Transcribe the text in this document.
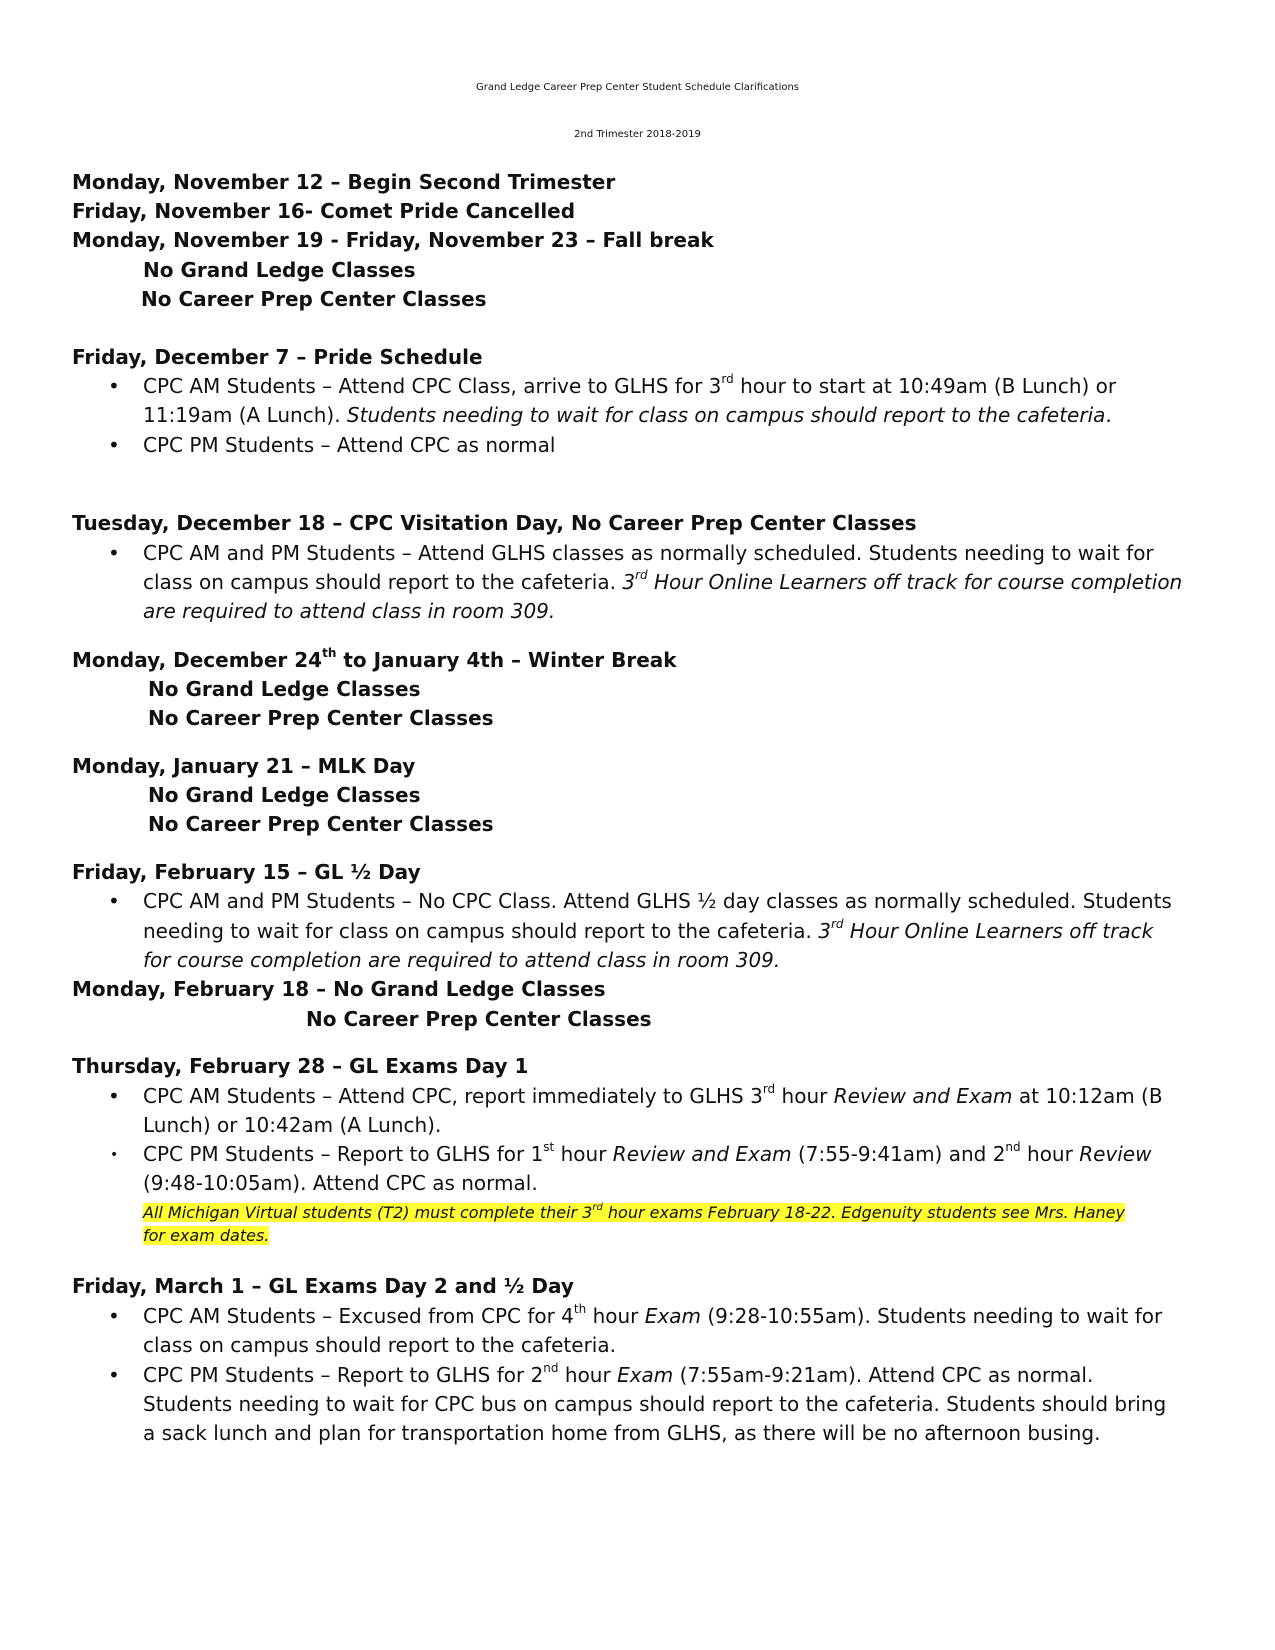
Grand Ledge Career Prep Center Student Schedule Clarifications
2nd Trimester 2018-2019
Monday, November 12 – Begin Second Trimester
Friday, November 16- Comet Pride Cancelled
Monday, November 19 - Friday, November 23 – Fall break
No Grand Ledge Classes
No Career Prep Center Classes
Friday, December 7 – Pride Schedule
• CPC AM Students – Attend CPC Class, arrive to GLHS for 3rd hour to start at 10:49am (B Lunch) or
11:19am (A Lunch). Students needing to wait for class on campus should report to the cafeteria.
• CPC PM Students – Attend CPC as normal
Tuesday, December 18 – CPC Visitation Day, No Career Prep Center Classes
• CPC AM and PM Students – Attend GLHS classes as normally scheduled. Students needing to wait for
class on campus should report to the cafeteria. 3rd Hour Online Learners off track for course completion
are required to attend class in room 309.
Monday, December 24th to January 4th – Winter Break
No Grand Ledge Classes
No Career Prep Center Classes
Monday, January 21 – MLK Day
No Grand Ledge Classes
No Career Prep Center Classes
Friday, February 15 – GL ½ Day
• CPC AM and PM Students – No CPC Class. Attend GLHS ½ day classes as normally scheduled. Students
needing to wait for class on campus should report to the cafeteria. 3rd Hour Online Learners off track
for course completion are required to attend class in room 309.
Monday, February 18 – No Grand Ledge Classes
No Career Prep Center Classes
Thursday, February 28 – GL Exams Day 1
• CPC AM Students – Attend CPC, report immediately to GLHS 3rd hour Review and Exam at 10:12am (B
Lunch) or 10:42am (A Lunch).
• CPC PM Students – Report to GLHS for 1st hour Review and Exam (7:55-9:41am) and 2nd hour Review
(9:48-10:05am). Attend CPC as normal.
All Michigan Virtual students (T2) must complete their 3rd hour exams February 18-22. Edgenuity students see Mrs. Haney
for exam dates.
Friday, March 1 – GL Exams Day 2 and ½ Day
• CPC AM Students – Excused from CPC for 4th hour Exam (9:28-10:55am). Students needing to wait for
class on campus should report to the cafeteria.
• CPC PM Students – Report to GLHS for 2nd hour Exam (7:55am-9:21am). Attend CPC as normal.
Students needing to wait for CPC bus on campus should report to the cafeteria. Students should bring
a sack lunch and plan for transportation home from GLHS, as there will be no afternoon busing.
